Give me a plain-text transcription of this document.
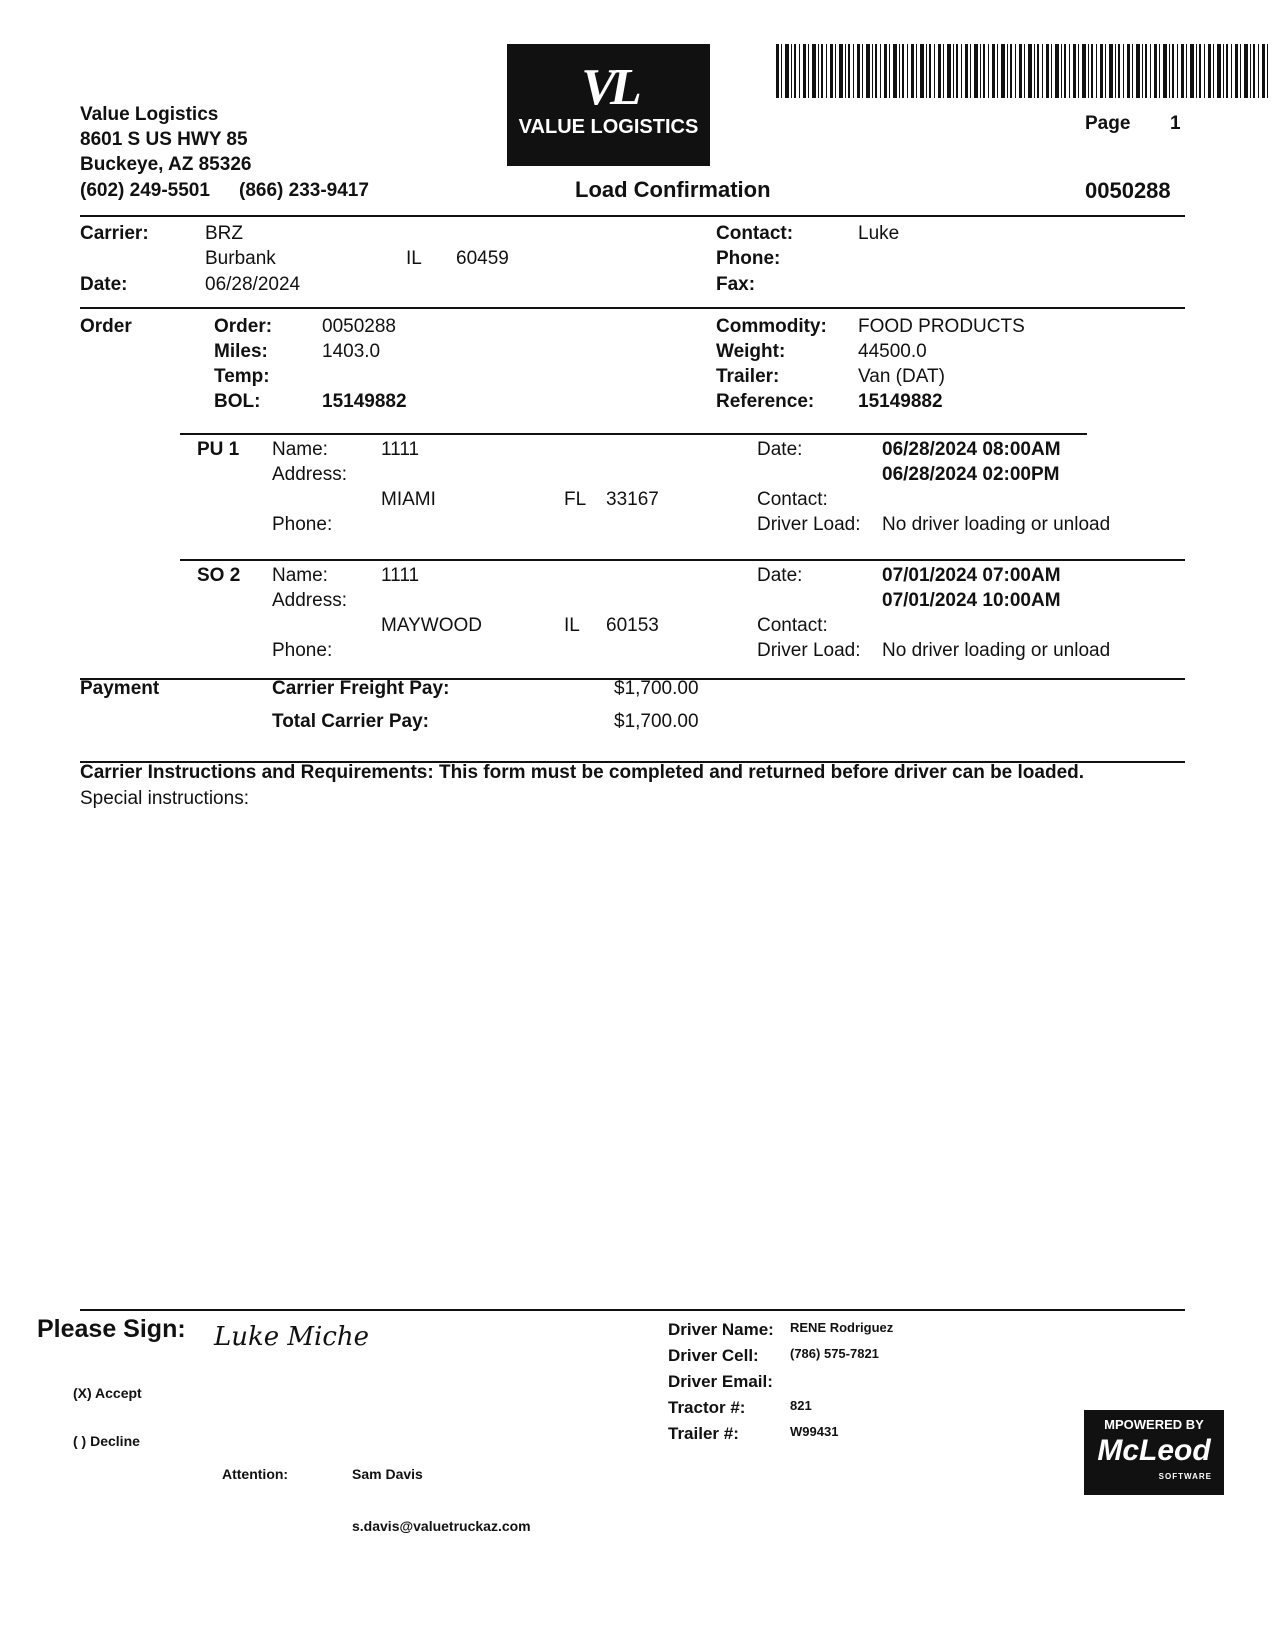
Value Logistics
8601 S US HWY 85
Buckeye, AZ 85326
(602) 249-5501 (866) 233-9417
VL
VALUE LOGISTICS	Page 1
Load Confirmation	0050288
Carrier:	BRZ
Burbank	IL 60459
Date:	06/28/2024
Contact:	Luke
Phone:
Fax:
Order	Order:	0050288
Miles:	1403.0
Temp:
BOL:	15149882
Commodity: FOOD PRODUCTS
Weight:	44500.0
Trailer:	Van (DAT)
Reference: 15149882
PU 1 Name:	1111
Address:
MIAMI	FL 33167
Phone:
Date:	06/28/2024 08:00AM
06/28/2024 02:00PM
Contact:
Driver Load: No driver loading or unload
SO 2 Name:	1111
Address:
MAYWOOD	IL 60153
Phone:
Date:	07/01/2024 07:00AM
07/01/2024 10:00AM
Contact:
Driver Load: No driver loading or unload
Payment	Carrier Freight Pay:	$1,700.00
Total Carrier Pay:	$1,700.00
Carrier Instructions and Requirements: This form must be completed and returned before driver can be loaded.
Special instructions:
Please Sign: Luke Miche
(X) Accept
( ) Decline
Attention:	Sam Davis
s.davis@valuetruckaz.com
Driver Name: RENE Rodriguez
Driver Cell: (786) 575-7821
Driver Email:
Tractor #:	821
Trailer #:	W99431	MPOWERED BY
McLeod
SOFTWARE
